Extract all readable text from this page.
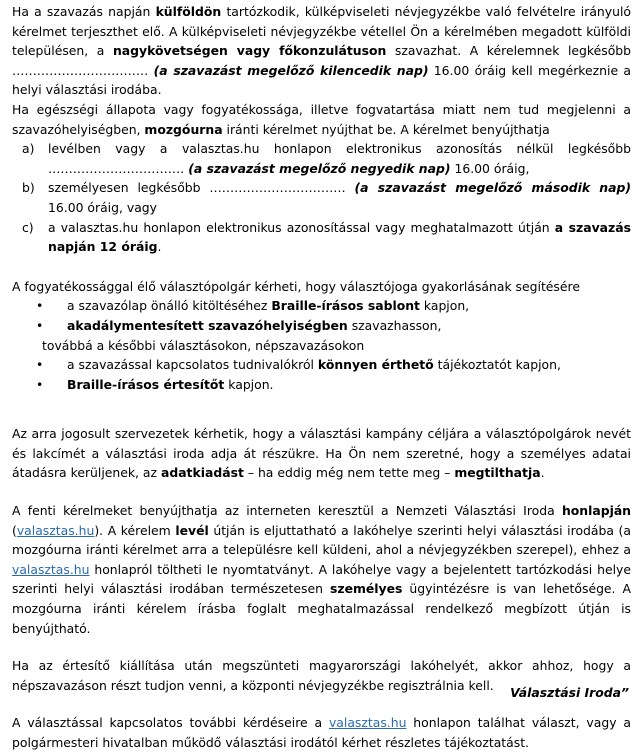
Ha a szavazás napján külföldön tartózkodik, külképviseleti névjegyzékbe való felvételre irányuló kérelmet terjeszthet elő. A külképviseleti névjegyzékbe vétellel Ön a kérelmében megadott külföldi településen, a nagykövetségen vagy főkonzulátuson szavazhat. A kérelemnek legkésőbb …………………………… (a szavazást megelőző kilencedik nap) 16.00 óráig kell megérkeznie a helyi választási irodába.

Ha egészségi állapota vagy fogyatékossága, illetve fogvatartása miatt nem tud megjelenni a szavazóhelyiségben, mozgóurna iránti kérelmet nyújthat be. A kérelmet benyújthatja

a) levélben vagy a valasztas.hu honlapon elektronikus azonosítás nélkül legkésőbb …………………………… (a szavazást megelőző negyedik nap) 16.00 óráig,
b) személyesen legkésőbb …………………………… (a szavazást megelőző második nap) 16.00 óráig, vagy
c) a valasztas.hu honlapon elektronikus azonosítással vagy meghatalmazott útján a szavazás napján 12 óráig.

A fogyatékossággal élő választópolgár kérheti, hogy választójoga gyakorlásának segítésére

• a szavazólap önálló kitöltéséhez Braille-írásos sablont kapjon,
• akadálymentesített szavazóhelyiségben szavazhasson,
továbbá a későbbi választásokon, népszavazásokon
• a szavazással kapcsolatos tudnivalókról könnyen érthető tájékoztatót kapjon,
• Braille-írásos értesítőt kapjon.

Az arra jogosult szervezetek kérhetik, hogy a választási kampány céljára a választópolgárok nevét és lakcímét a választási iroda adja át részükre. Ha Ön nem szeretné, hogy a személyes adatai átadásra kerüljenek, az adatkiadást – ha eddig még nem tette meg – megtilthatja.

A fenti kérelmeket benyújthatja az interneten keresztül a Nemzeti Választási Iroda honlapján (valasztas.hu). A kérelem levél útján is eljuttatható a lakóhelye szerinti helyi választási irodába (a mozgóurna iránti kérelmet arra a településre kell küldeni, ahol a névjegyzékben szerepel), ehhez a valasztas.hu honlapról töltheti le nyomtatványt. A lakóhelye vagy a bejelentett tartózkodási helye szerinti helyi választási irodában természetesen személyes ügyintézésre is van lehetősége. A mozgóurna iránti kérelem írásba foglalt meghatalmazással rendelkező megbízott útján is benyújtható.

Ha az értesítő kiállítása után megszünteti magyarországi lakóhelyét, akkor ahhoz, hogy a népszavazáson részt tudjon venni, a központi névjegyzékbe regisztrálnia kell.

A választással kapcsolatos további kérdéseire a valasztas.hu honlapon találhat választ, vagy a polgármesteri hivatalban működő választási irodától kérhet részletes tájékoztatást.

Választási Iroda”
